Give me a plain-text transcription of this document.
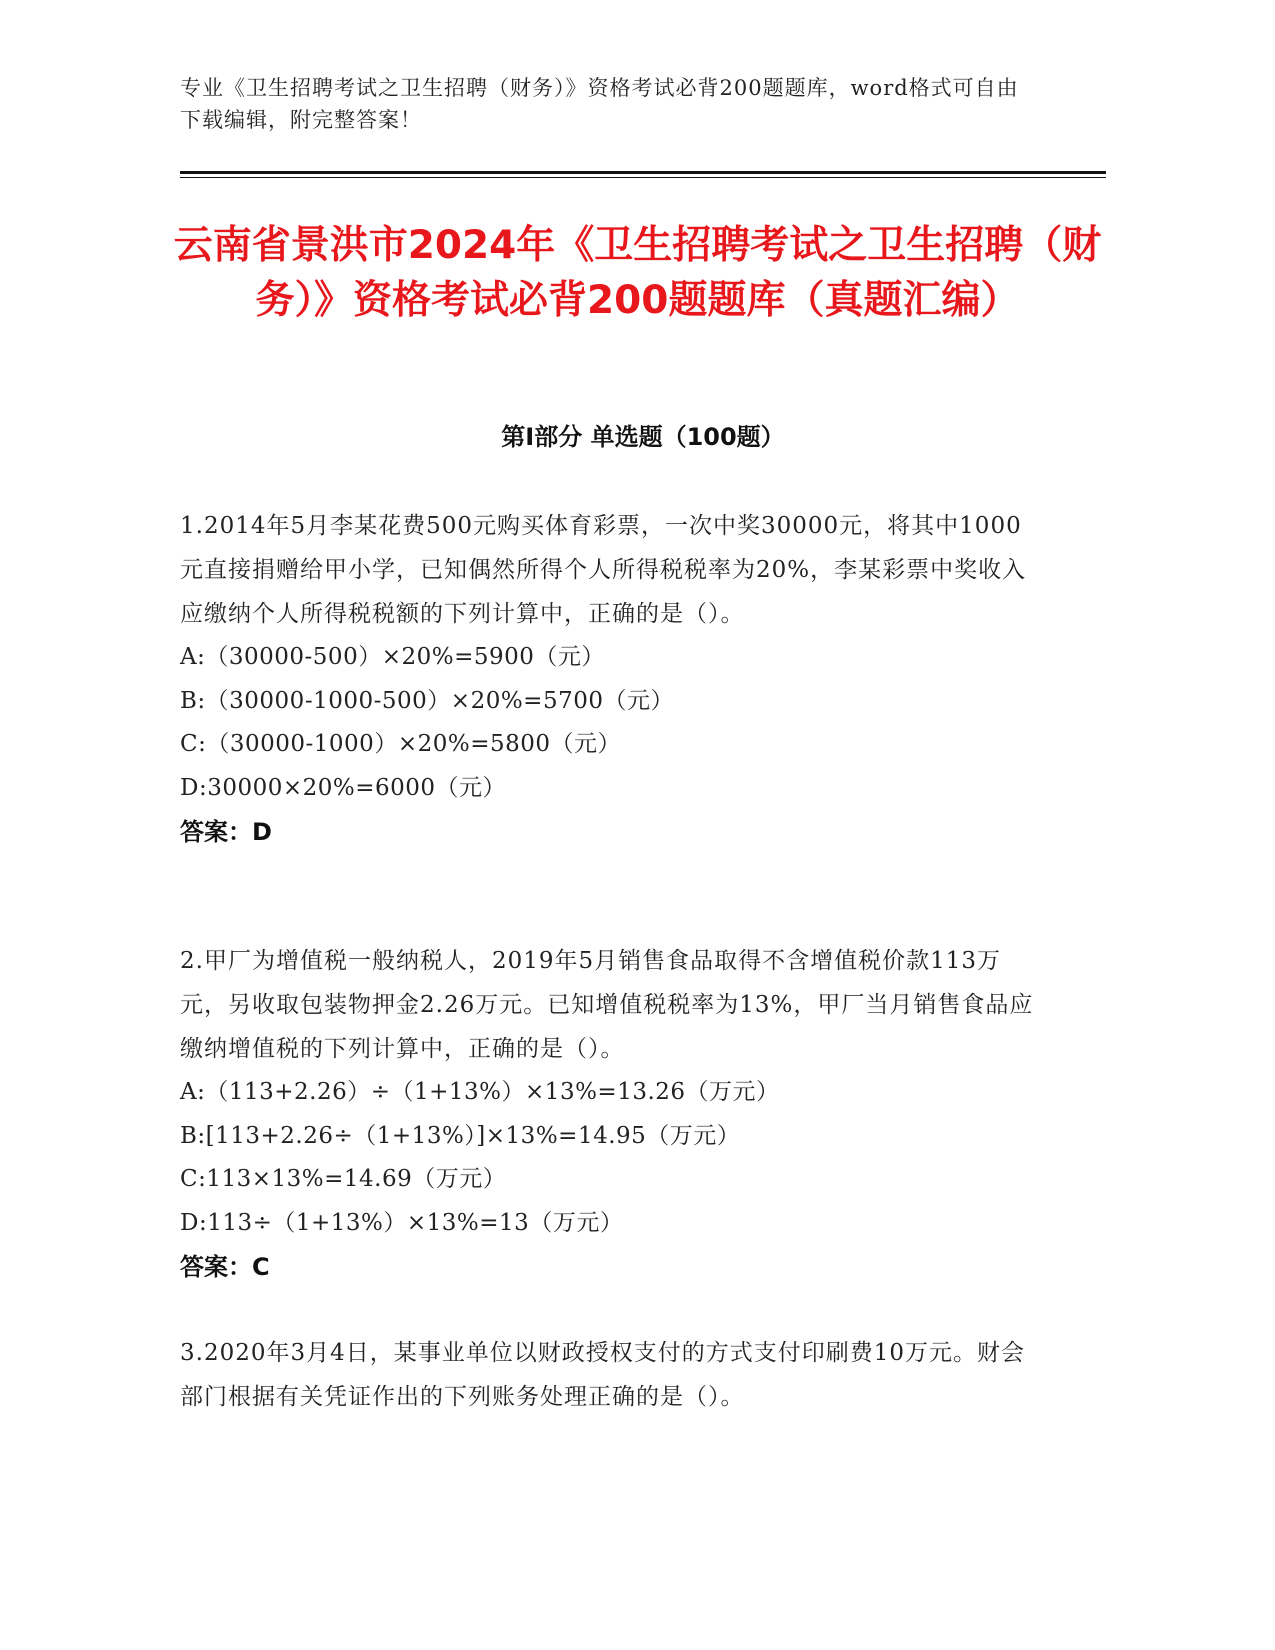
专业《卫生招聘考试之卫生招聘（财务）》资格考试必背200题题库，word格式可自由下载编辑，附完整答案！
云南省景洪市2024年《卫生招聘考试之卫生招聘（财务）》资格考试必背200题题库（真题汇编）
第I部分 单选题（100题）

1.2014年5月李某花费500元购买体育彩票，一次中奖30000元，将其中1000元直接捐赠给甲小学，已知偶然所得个人所得税税率为20%，李某彩票中奖收入应缴纳个人所得税税额的下列计算中，正确的是（）。

A:（30000-500）×20%=5900（元）

B:（30000-1000-500）×20%=5700（元）

C:（30000-1000）×20%=5800（元）

D:30000×20%=6000（元）

答案：D

2.甲厂为增值税一般纳税人，2019年5月销售食品取得不含增值税价款113万元，另收取包装物押金2.26万元。已知增值税税率为13%，甲厂当月销售食品应缴纳增值税的下列计算中，正确的是（）。

A:（113+2.26）÷（1+13%）×13%=13.26（万元）

B:[113+2.26÷（1+13%）]×13%=14.95（万元）

C:113×13%=14.69（万元）

D:113÷（1+13%）×13%=13（万元）

答案：C

3.2020年3月4日，某事业单位以财政授权支付的方式支付印刷费10万元。财会部门根据有关凭证作出的下列账务处理正确的是（）。
